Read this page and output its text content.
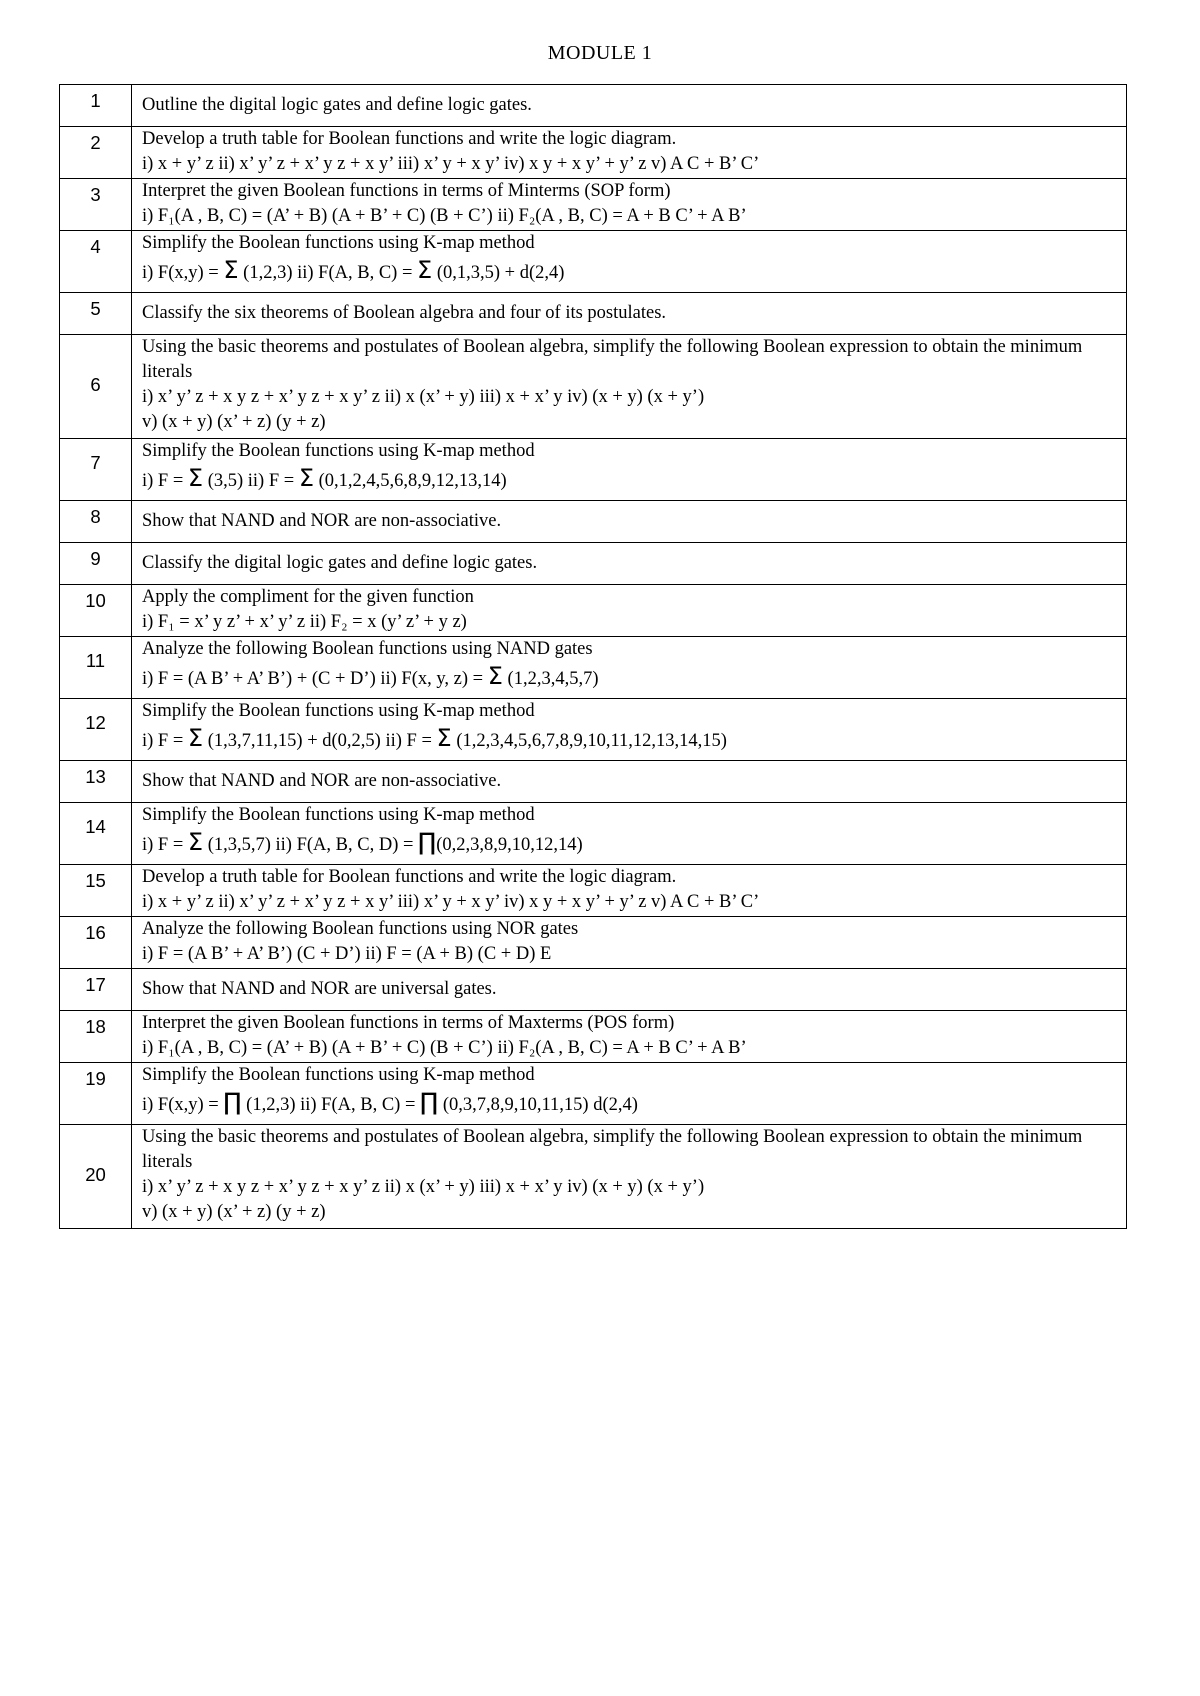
MODULE 1
1	Outline the digital logic gates and define logic gates.

2	Develop a truth table for Boolean functions and write the logic diagram.
i) x + y’ z ii) x’ y’ z + x’ y z + x y’ iii) x’ y + x y’ iv) x y + x y’ + y’ z v) A C + B’ C’

3	Interpret the given Boolean functions in terms of Minterms (SOP form)
i) F₁(A , B, C) = (A’ + B) (A + B’ + C) (B + C’) ii) F₂(A , B, C) = A + B C’ + A B’

4	Simplify the Boolean functions using K-map method
i) F(x,y) = Σ (1,2,3) ii) F(A, B, C) = Σ (0,1,3,5) + d(2,4)

5	Classify the six theorems of Boolean algebra and four of its postulates.

6	Using the basic theorems and postulates of Boolean algebra, simplify the following Boolean expression to obtain the minimum literals
i) x’ y’ z + x y z + x’ y z + x y’ z ii) x (x’ + y) iii) x + x’ y iv) (x + y) (x + y’)
v) (x + y) (x’ + z) (y + z)

7	Simplify the Boolean functions using K-map method
i) F = Σ (3,5) ii) F = Σ (0,1,2,4,5,6,8,9,12,13,14)

8	Show that NAND and NOR are non-associative.

9	Classify the digital logic gates and define logic gates.

10	Apply the compliment for the given function
i) F₁ = x’ y z’ + x’ y’ z ii) F₂ = x (y’ z’ + y z)

11	Analyze the following Boolean functions using NAND gates
i) F = (A B’ + A’ B’) + (C + D’) ii) F(x, y, z) = Σ (1,2,3,4,5,7)

12	Simplify the Boolean functions using K-map method
i) F = Σ (1,3,7,11,15) + d(0,2,5) ii) F = Σ (1,2,3,4,5,6,7,8,9,10,11,12,13,14,15)

13	Show that NAND and NOR are non-associative.

14	Simplify the Boolean functions using K-map method
i) F = Σ (1,3,5,7) ii) F(A, B, C, D) = ∏(0,2,3,8,9,10,12,14)

15	Develop a truth table for Boolean functions and write the logic diagram.
i) x + y’ z ii) x’ y’ z + x’ y z + x y’ iii) x’ y + x y’ iv) x y + x y’ + y’ z v) A C + B’ C’

16	Analyze the following Boolean functions using NOR gates
i) F = (A B’ + A’ B’) (C + D’) ii) F = (A + B) (C + D) E

17	Show that NAND and NOR are universal gates.

18	Interpret the given Boolean functions in terms of Maxterms (POS form)
i) F₁(A , B, C) = (A’ + B) (A + B’ + C) (B + C’) ii) F₂(A , B, C) = A + B C’ + A B’

19	Simplify the Boolean functions using K-map method
i) F(x,y) = ∏ (1,2,3) ii) F(A, B, C) = ∏ (0,3,7,8,9,10,11,15) d(2,4)

20	Using the basic theorems and postulates of Boolean algebra, simplify the following Boolean expression to obtain the minimum literals
i) x’ y’ z + x y z + x’ y z + x y’ z ii) x (x’ + y) iii) x + x’ y iv) (x + y) (x + y’)
v) (x + y) (x’ + z) (y + z)
